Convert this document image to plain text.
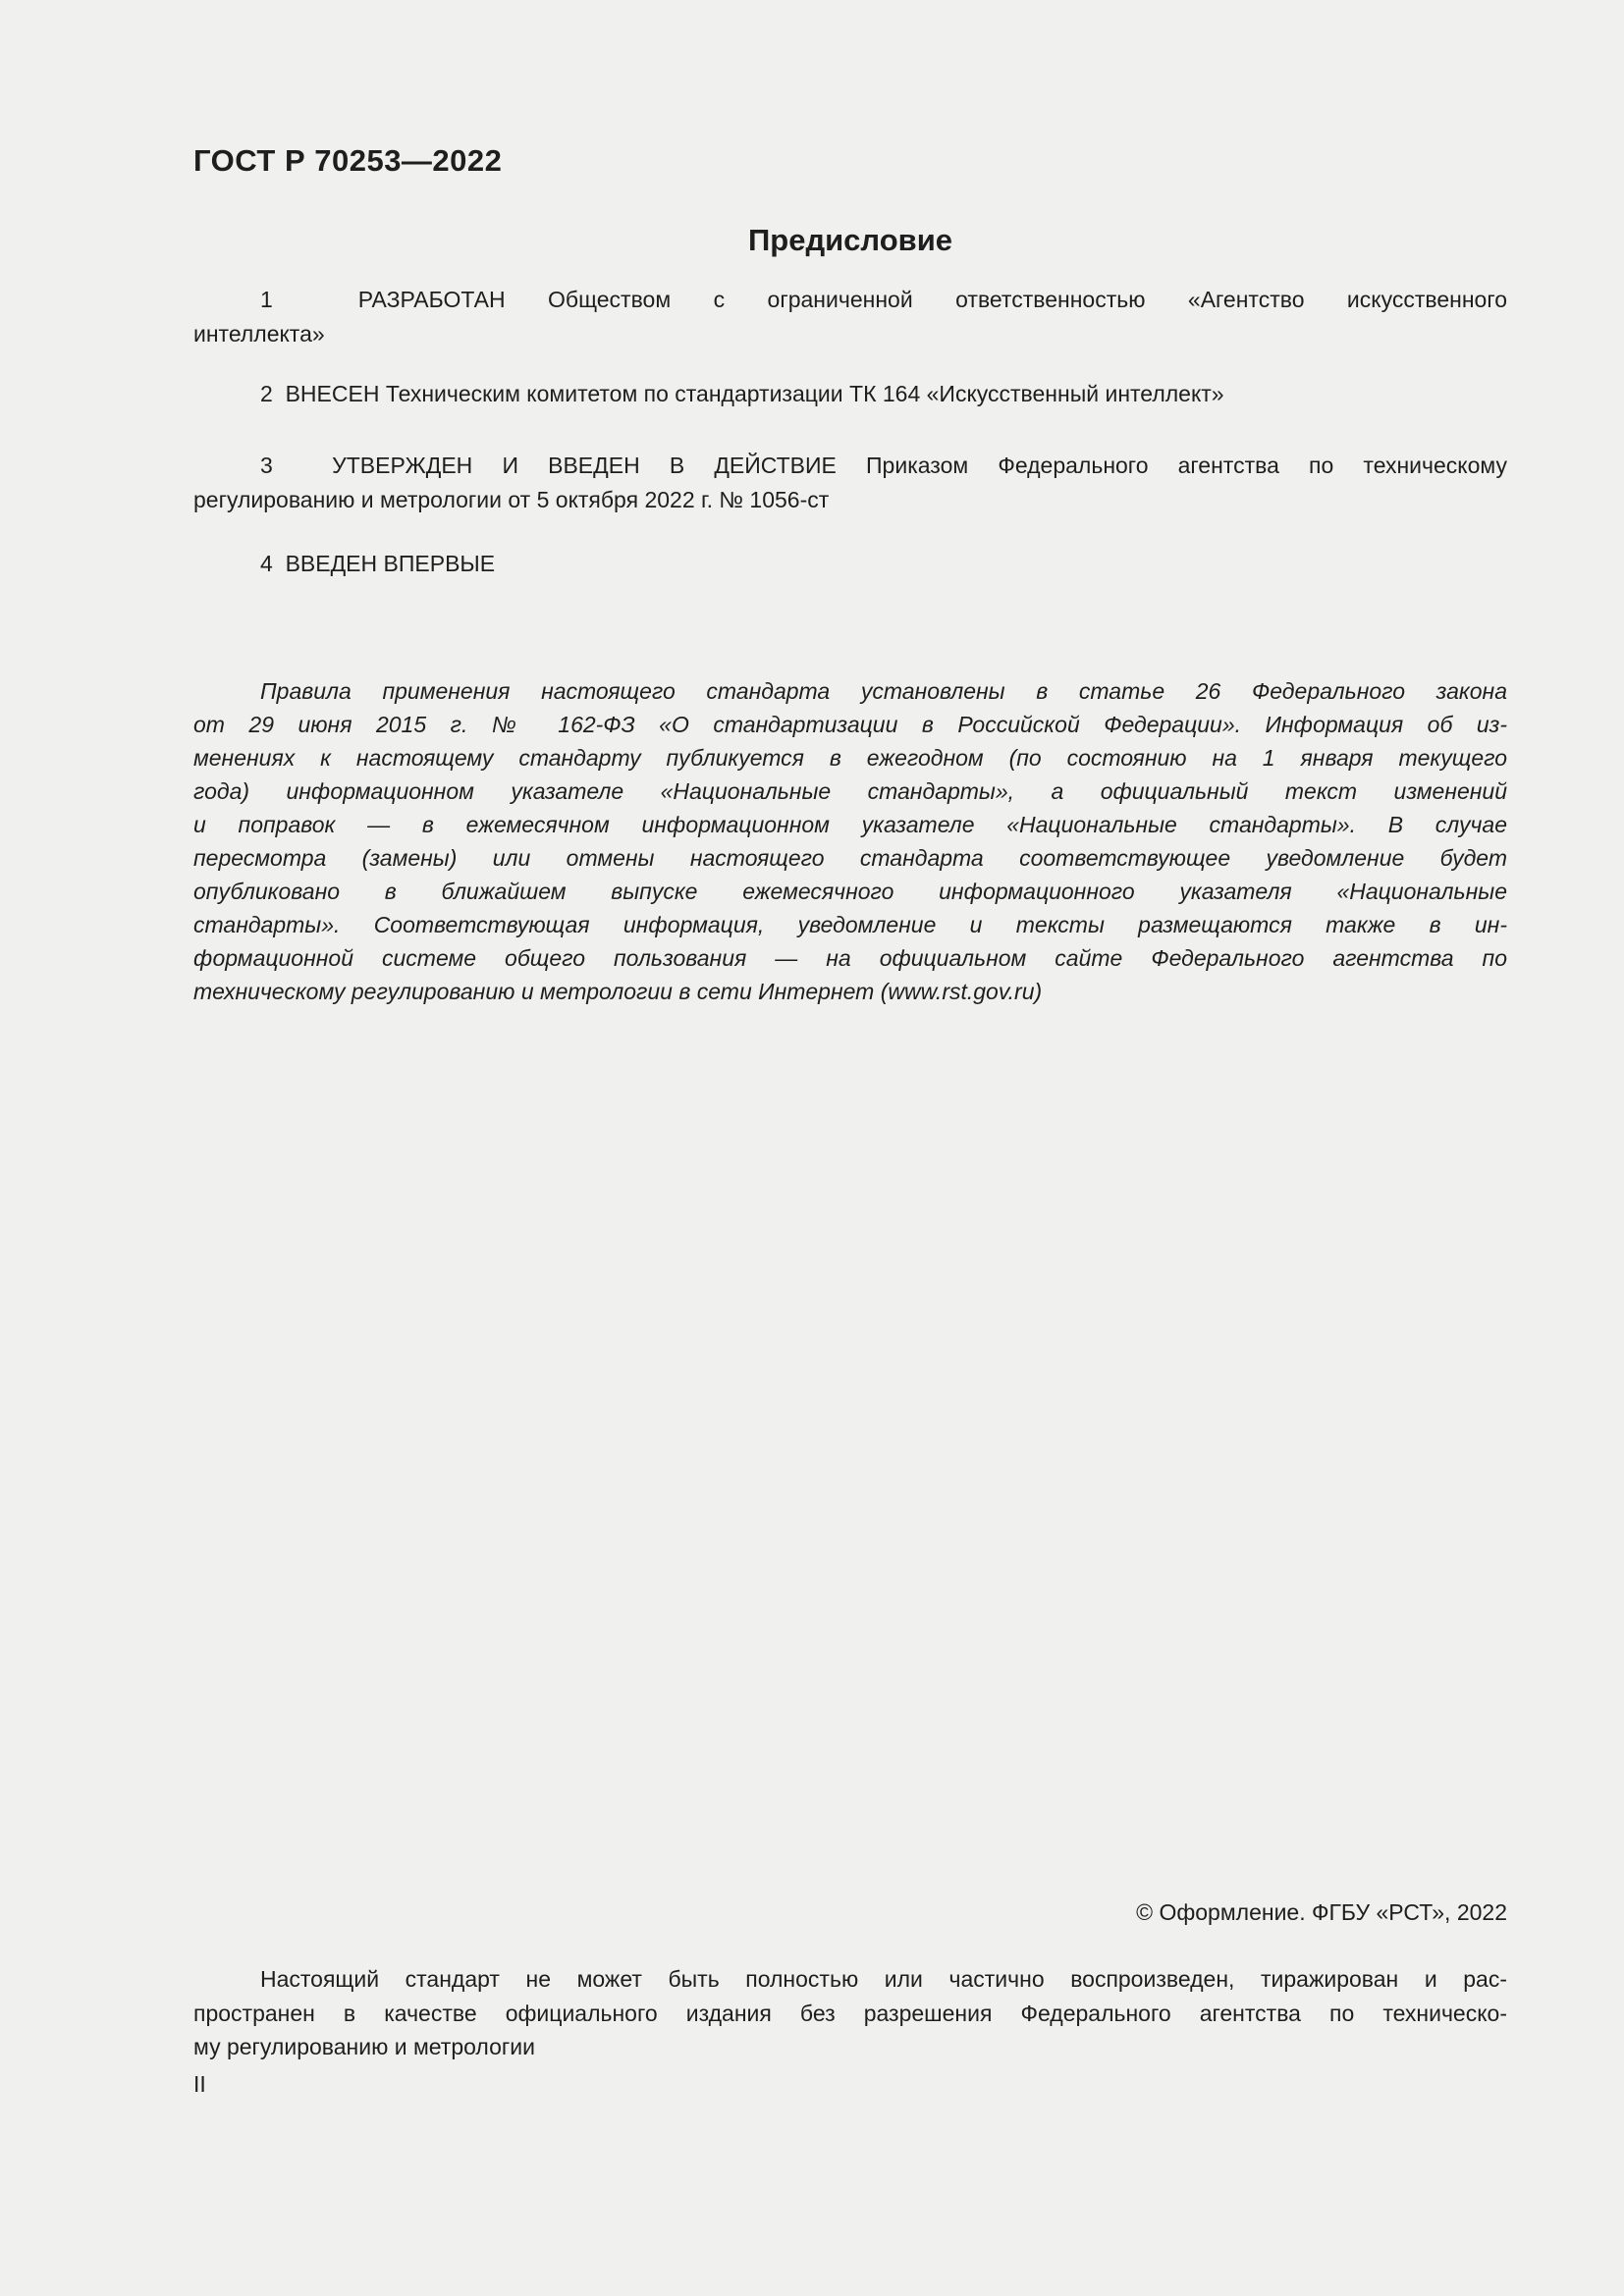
ГОСТ Р 70253—2022
Предисловие
1  РАЗРАБОТАН Обществом с ограниченной ответственностью «Агентство искусственного
интеллекта»
2  ВНЕСЕН Техническим комитетом по стандартизации ТК 164 «Искусственный интеллект»
3  УТВЕРЖДЕН И ВВЕДЕН В ДЕЙСТВИЕ Приказом Федерального агентства по техническому
регулированию и метрологии от 5 октября 2022 г. № 1056-ст
4  ВВЕДЕН ВПЕРВЫЕ
Правила применения настоящего стандарта установлены в статье 26 Федерального закона
от 29 июня 2015 г. № 162-ФЗ «О стандартизации в Российской Федерации». Информация об из-
менениях к настоящему стандарту публикуется в ежегодном (по состоянию на 1 января текущего
года) информационном указателе «Национальные стандарты», а официальный текст изменений
и поправок — в ежемесячном информационном указателе «Национальные стандарты». В случае
пересмотра (замены) или отмены настоящего стандарта соответствующее уведомление будет
опубликовано в ближайшем выпуске ежемесячного информационного указателя «Национальные
стандарты». Соответствующая информация, уведомление и тексты размещаются также в ин-
формационной системе общего пользования — на официальном сайте Федерального агентства по
техническому регулированию и метрологии в сети Интернет (www.rst.gov.ru)
© Оформление. ФГБУ «РСТ», 2022
Настоящий стандарт не может быть полностью или частично воспроизведен, тиражирован и рас-
пространен в качестве официального издания без разрешения Федерального агентства по техническо-
му регулированию и метрологии
II
